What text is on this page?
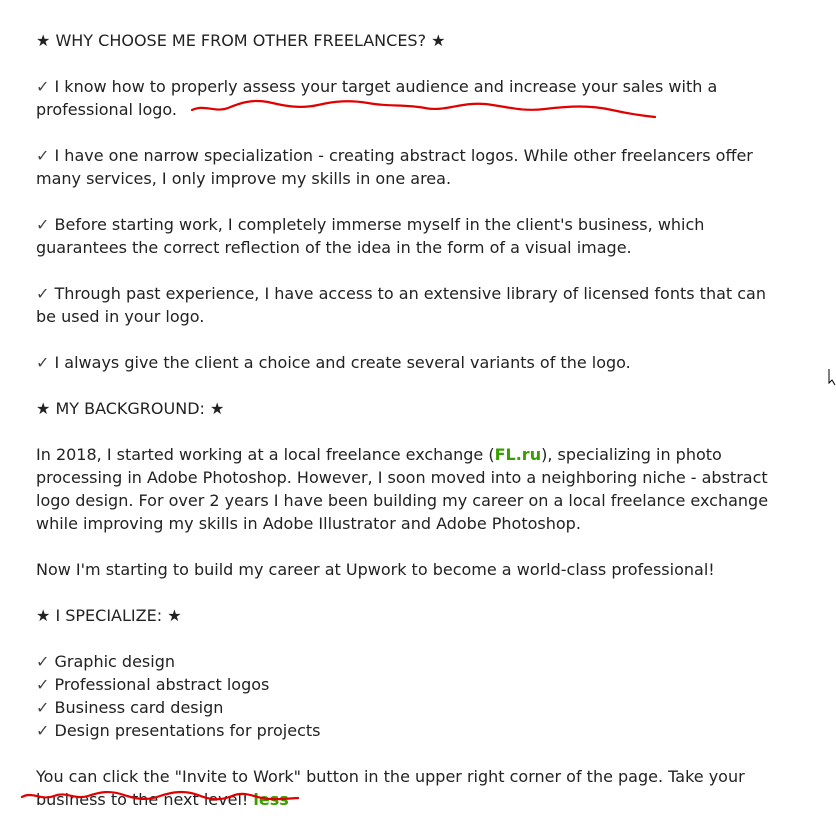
★ WHY CHOOSE ME FROM OTHER FREELANCES? ★

✓ I know how to properly assess your target audience and increase your sales with a
professional logo.

✓ I have one narrow specialization - creating abstract logos. While other freelancers offer
many services, I only improve my skills in one area.

✓ Before starting work, I completely immerse myself in the client's business, which
guarantees the correct reflection of the idea in the form of a visual image.

✓ Through past experience, I have access to an extensive library of licensed fonts that can
be used in your logo.

✓ I always give the client a choice and create several variants of the logo.

★ MY BACKGROUND: ★

In 2018, I started working at a local freelance exchange (FL.ru), specializing in photo
processing in Adobe Photoshop. However, I soon moved into a neighboring niche - abstract
logo design. For over 2 years I have been building my career on a local freelance exchange
while improving my skills in Adobe Illustrator and Adobe Photoshop.

Now I'm starting to build my career at Upwork to become a world-class professional!

★ I SPECIALIZE: ★

✓ Graphic design
✓ Professional abstract logos
✓ Business card design
✓ Design presentations for projects

You can click the "Invite to Work" button in the upper right corner of the page. Take your
business to the next level! less
